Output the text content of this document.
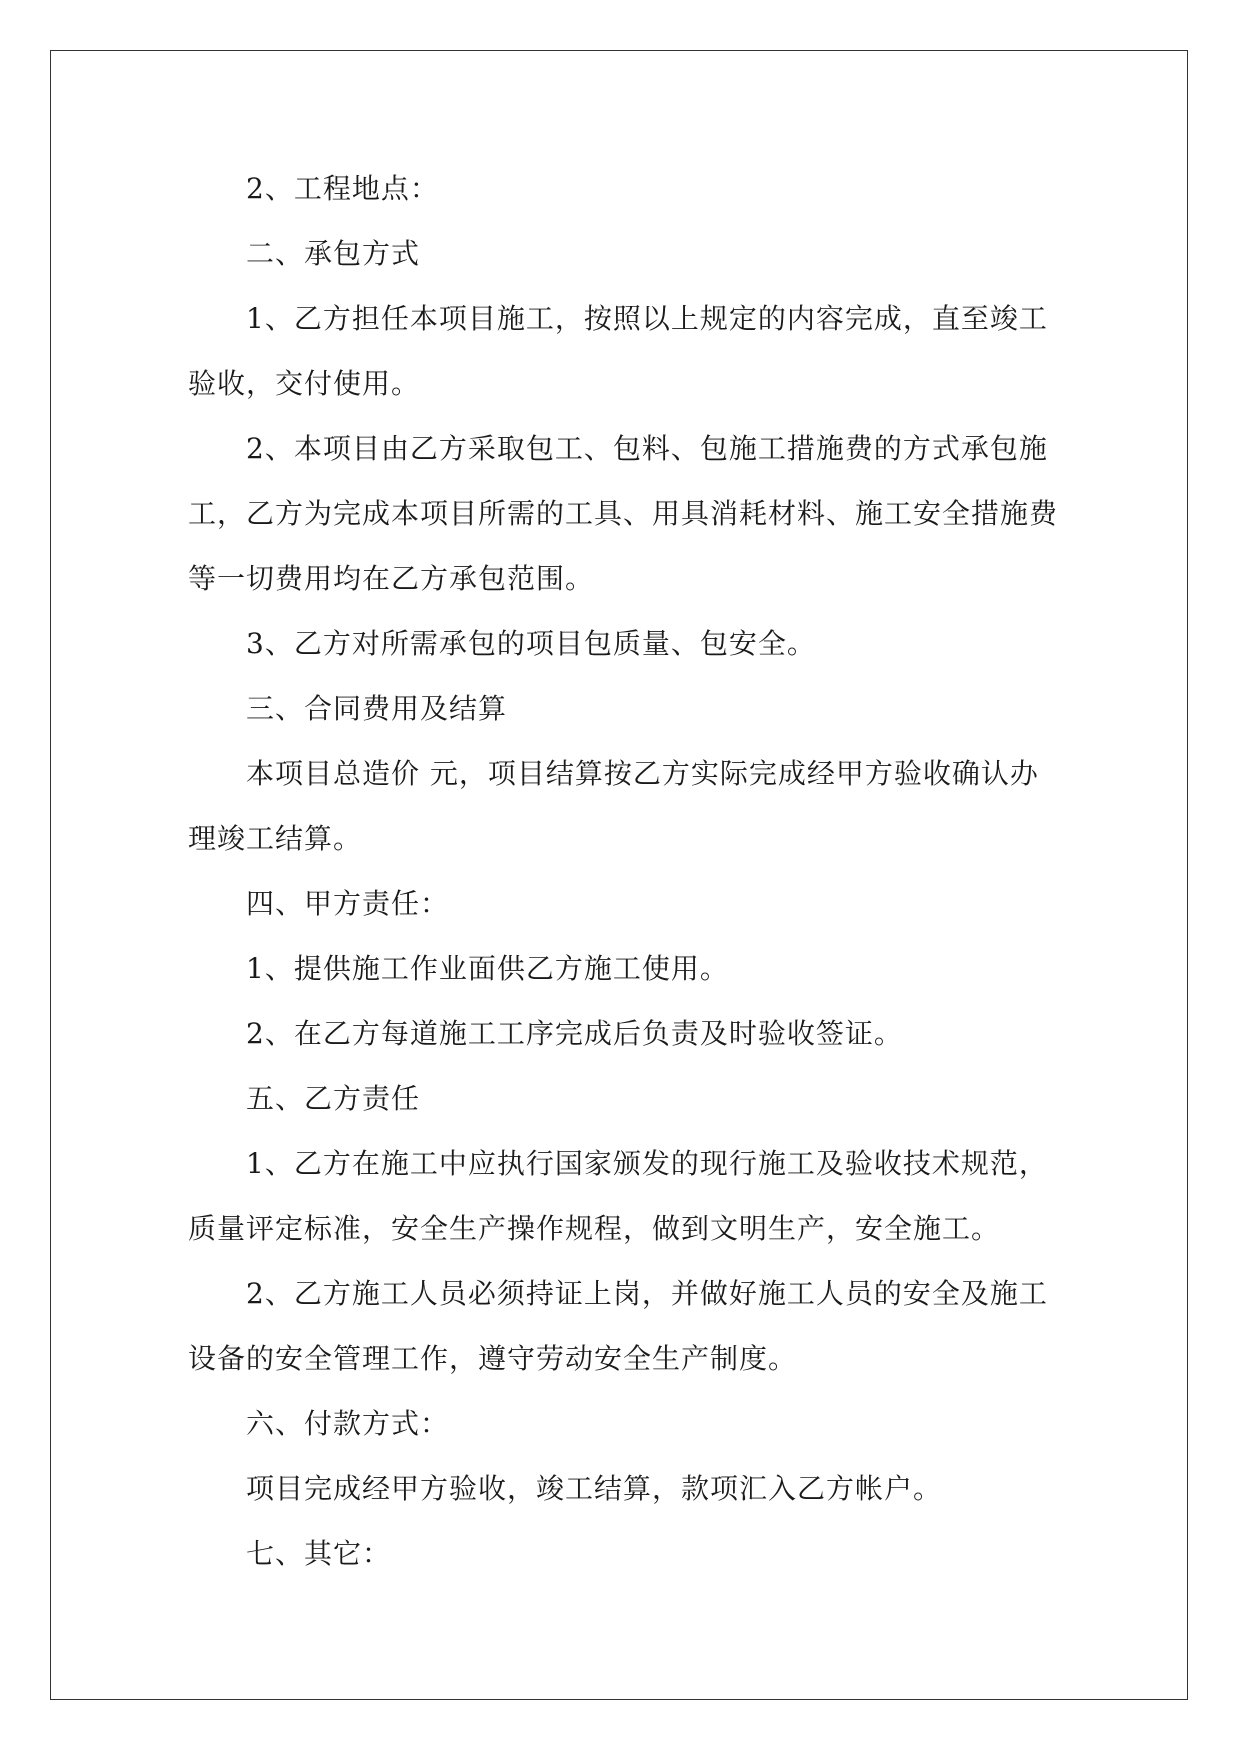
2、工程地点：

二、承包方式

1、乙方担任本项目施工，按照以上规定的内容完成，直至竣工验收，交付使用。

2、本项目由乙方采取包工、包料、包施工措施费的方式承包施工，乙方为完成本项目所需的工具、用具消耗材料、施工安全措施费等一切费用均在乙方承包范围。

3、乙方对所需承包的项目包质量、包安全。

三、合同费用及结算

本项目总造价 元，项目结算按乙方实际完成经甲方验收确认办理竣工结算。

四、甲方责任：

1、提供施工作业面供乙方施工使用。

2、在乙方每道施工工序完成后负责及时验收签证。

五、乙方责任

1、乙方在施工中应执行国家颁发的现行施工及验收技术规范，质量评定标准，安全生产操作规程，做到文明生产，安全施工。

2、乙方施工人员必须持证上岗，并做好施工人员的安全及施工设备的安全管理工作，遵守劳动安全生产制度。

六、付款方式：

项目完成经甲方验收，竣工结算，款项汇入乙方帐户。

七、其它：
